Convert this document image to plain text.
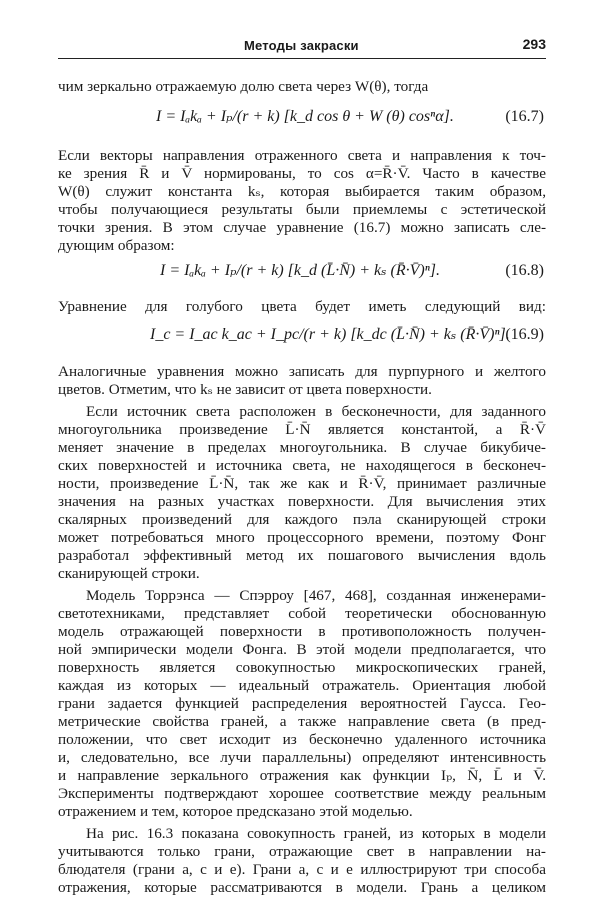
Методы закраски	293
чим зеркально отражаемую долю света через W(θ), тогда
I = Iₐkₐ + Iₚ/(r + k) [k_d cos θ + W (θ) cosⁿα].	(16.7)
Если векторы направления отраженного света и направления к точ-
ке зрения R̄ и V̄ нормированы, то cos α=R̄·V̄. Часто в качестве
W(θ) служит константа kₛ, которая выбирается таким образом,
чтобы получающиеся результаты были приемлемы с эстетической
точки зрения. В этом случае уравнение (16.7) можно записать сле-
дующим образом:
I = Iₐkₐ + Iₚ/(r + k) [k_d (L̄·N̄) + kₛ (R̄·V̄)ⁿ].	(16.8)
Уравнение для голубого цвета будет иметь следующий вид:
I_c = I_ac k_ac + I_pc/(r + k) [k_dc (L̄·N̄) + kₛ (R̄·V̄)ⁿ].
(16.9)
Аналогичные уравнения можно записать для пурпурного и желтого
цветов. Отметим, что kₛ не зависит от цвета поверхности.
Если источник света расположен в бесконечности, для заданного
многоугольника произведение L̄·N̄ является константой, а R̄·V̄
меняет значение в пределах многоугольника. В случае бикубиче-
ских поверхностей и источника света, не находящегося в бесконеч-
ности, произведение L̄·N̄, так же как и R̄·V̄, принимает различные
значения на разных участках поверхности. Для вычисления этих
скалярных произведений для каждого пэла сканирующей строки
может потребоваться много процессорного времени, поэтому Фонг
разработал эффективный метод их пошагового вычисления вдоль
сканирующей строки.
Модель Торрэнса — Спэрроу [467, 468], созданная инженерами-
светотехниками, представляет собой теоретически обоснованную
модель отражающей поверхности в противоположность получен-
ной эмпирически модели Фонга. В этой модели предполагается, что
поверхность является совокупностью микроскопических граней,
каждая из которых — идеальный отражатель. Ориентация любой
грани задается функцией распределения вероятностей Гаусса. Гео-
метрические свойства граней, а также направление света (в пред-
положении, что свет исходит из бесконечно удаленного источника
и, следовательно, все лучи параллельны) определяют интенсивность
и направление зеркального отражения как функции Iₚ, N̄, L̄ и V̄.
Эксперименты подтверждают хорошее соответствие между реальным
отражением и тем, которое предсказано этой моделью.
На рис. 16.3 показана совокупность граней, из которых в модели
учитываются только грани, отражающие свет в направлении на-
блюдателя (грани a, c и e). Грани a, c и e иллюстрируют три способа
отражения, которые рассматриваются в модели. Грань a целиком
